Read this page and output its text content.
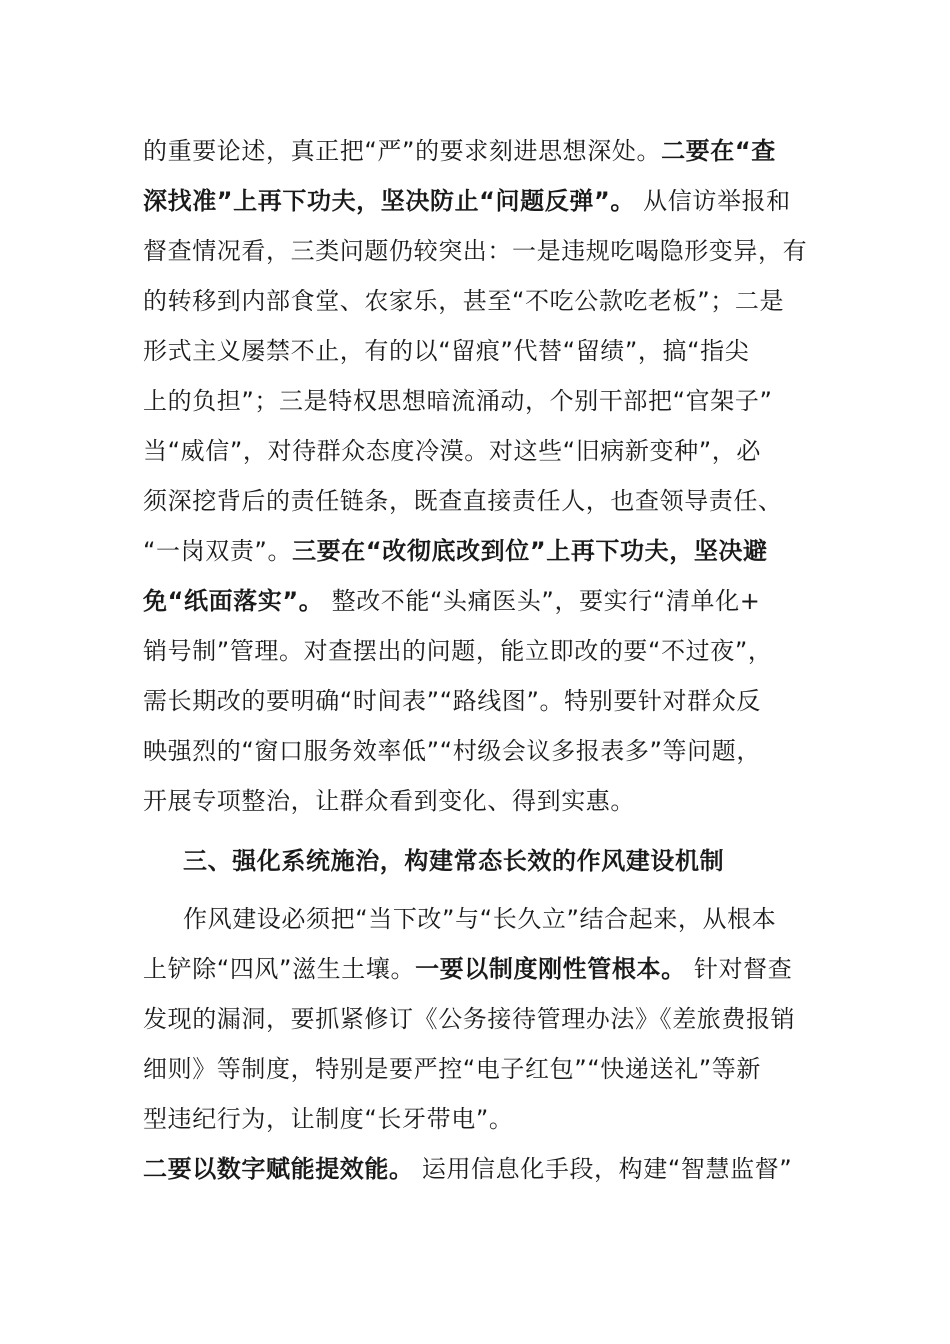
的重要论述，真正把“严”的要求刻进思想深处。二要在“查
深找准”上再下功夫，坚决防止“问题反弹”。 从信访举报和
督查情况看，三类问题仍较突出：一是违规吃喝隐形变异，有
的转移到内部食堂、农家乐，甚至“不吃公款吃老板”；二是
形式主义屡禁不止，有的以“留痕”代替“留绩”，搞“指尖
上的负担”；三是特权思想暗流涌动，个别干部把“官架子”
当“威信”，对待群众态度冷漠。对这些“旧病新变种”，必
须深挖背后的责任链条，既查直接责任人，也查领导责任、
“一岗双责”。三要在“改彻底改到位”上再下功夫，坚决避
免“纸面落实”。 整改不能“头痛医头”，要实行“清单化+
销号制”管理。对查摆出的问题，能立即改的要“不过夜”，
需长期改的要明确“时间表”“路线图”。特别要针对群众反
映强烈的“窗口服务效率低”“村级会议多报表多”等问题，
开展专项整治，让群众看到变化、得到实惠。
三、强化系统施治，构建常态长效的作风建设机制
作风建设必须把“当下改”与“长久立”结合起来，从根本
上铲除“四风”滋生土壤。一要以制度刚性管根本。 针对督查
发现的漏洞，要抓紧修订《公务接待管理办法》《差旅费报销
细则》等制度，特别是要严控“电子红包”“快递送礼”等新
型违纪行为，让制度“长牙带电”。
二要以数字赋能提效能。 运用信息化手段，构建“智慧监督”
